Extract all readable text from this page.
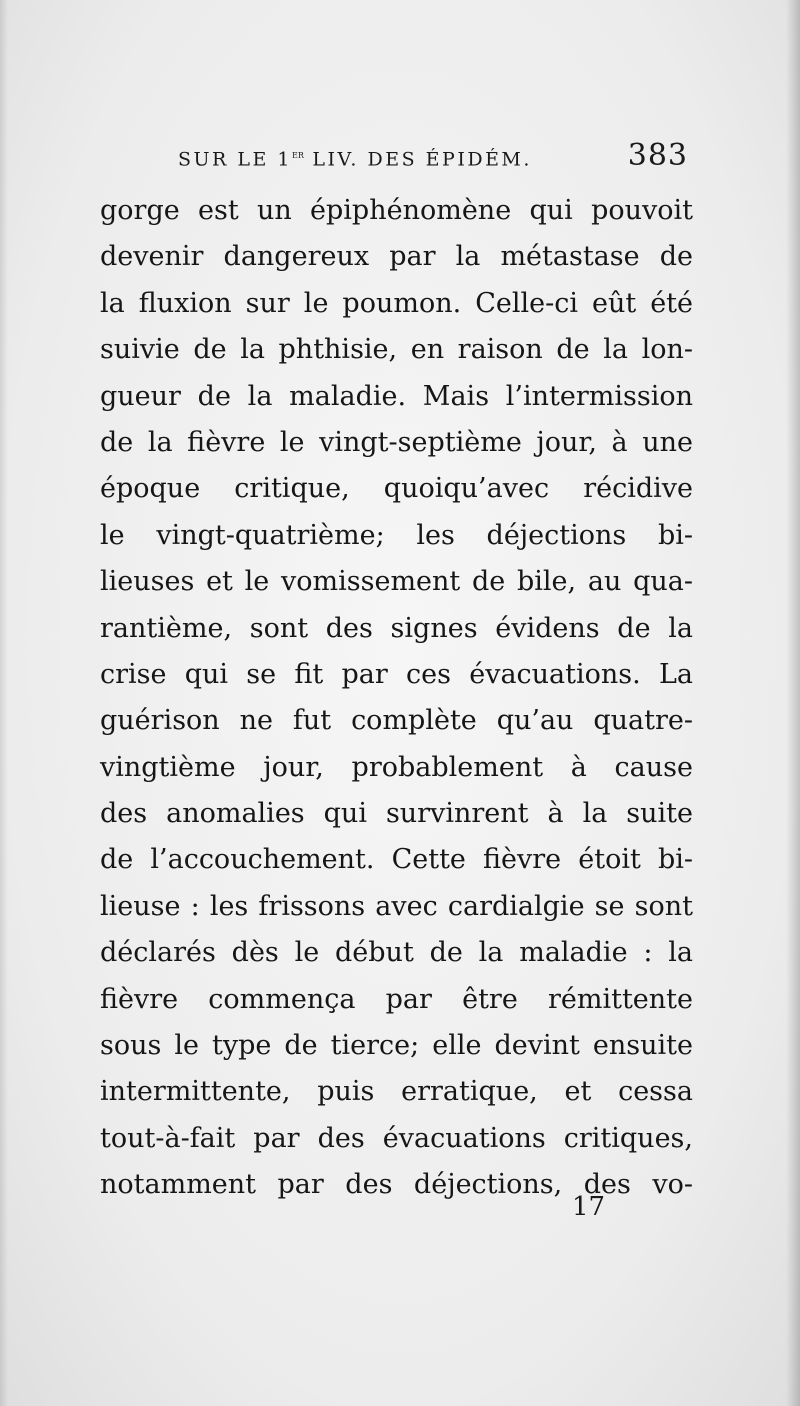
SUR LE 1er LIV. DES ÉPIDÉM.	383
gorge est un épiphénomène qui pouvoit
devenir dangereux par la métastase de
la fluxion sur le poumon. Celle-ci eût été
suivie de la phthisie, en raison de la lon-
gueur de la maladie. Mais l’intermission
de la fièvre le vingt-septième jour, à une
époque critique, quoiqu’avec récidive
le vingt-quatrième; les déjections bi-
lieuses et le vomissement de bile, au qua-
rantième, sont des signes évidens de la
crise qui se fit par ces évacuations. La
guérison ne fut complète qu’au quatre-
vingtième jour, probablement à cause
des anomalies qui survinrent à la suite
de l’accouchement. Cette fièvre étoit bi-
lieuse : les frissons avec cardialgie se sont
déclarés dès le début de la maladie : la
fièvre commença par être rémittente
sous le type de tierce; elle devint ensuite
intermittente, puis erratique, et cessa
tout-à-fait par des évacuations critiques,
notamment par des déjections, des vo-
17
